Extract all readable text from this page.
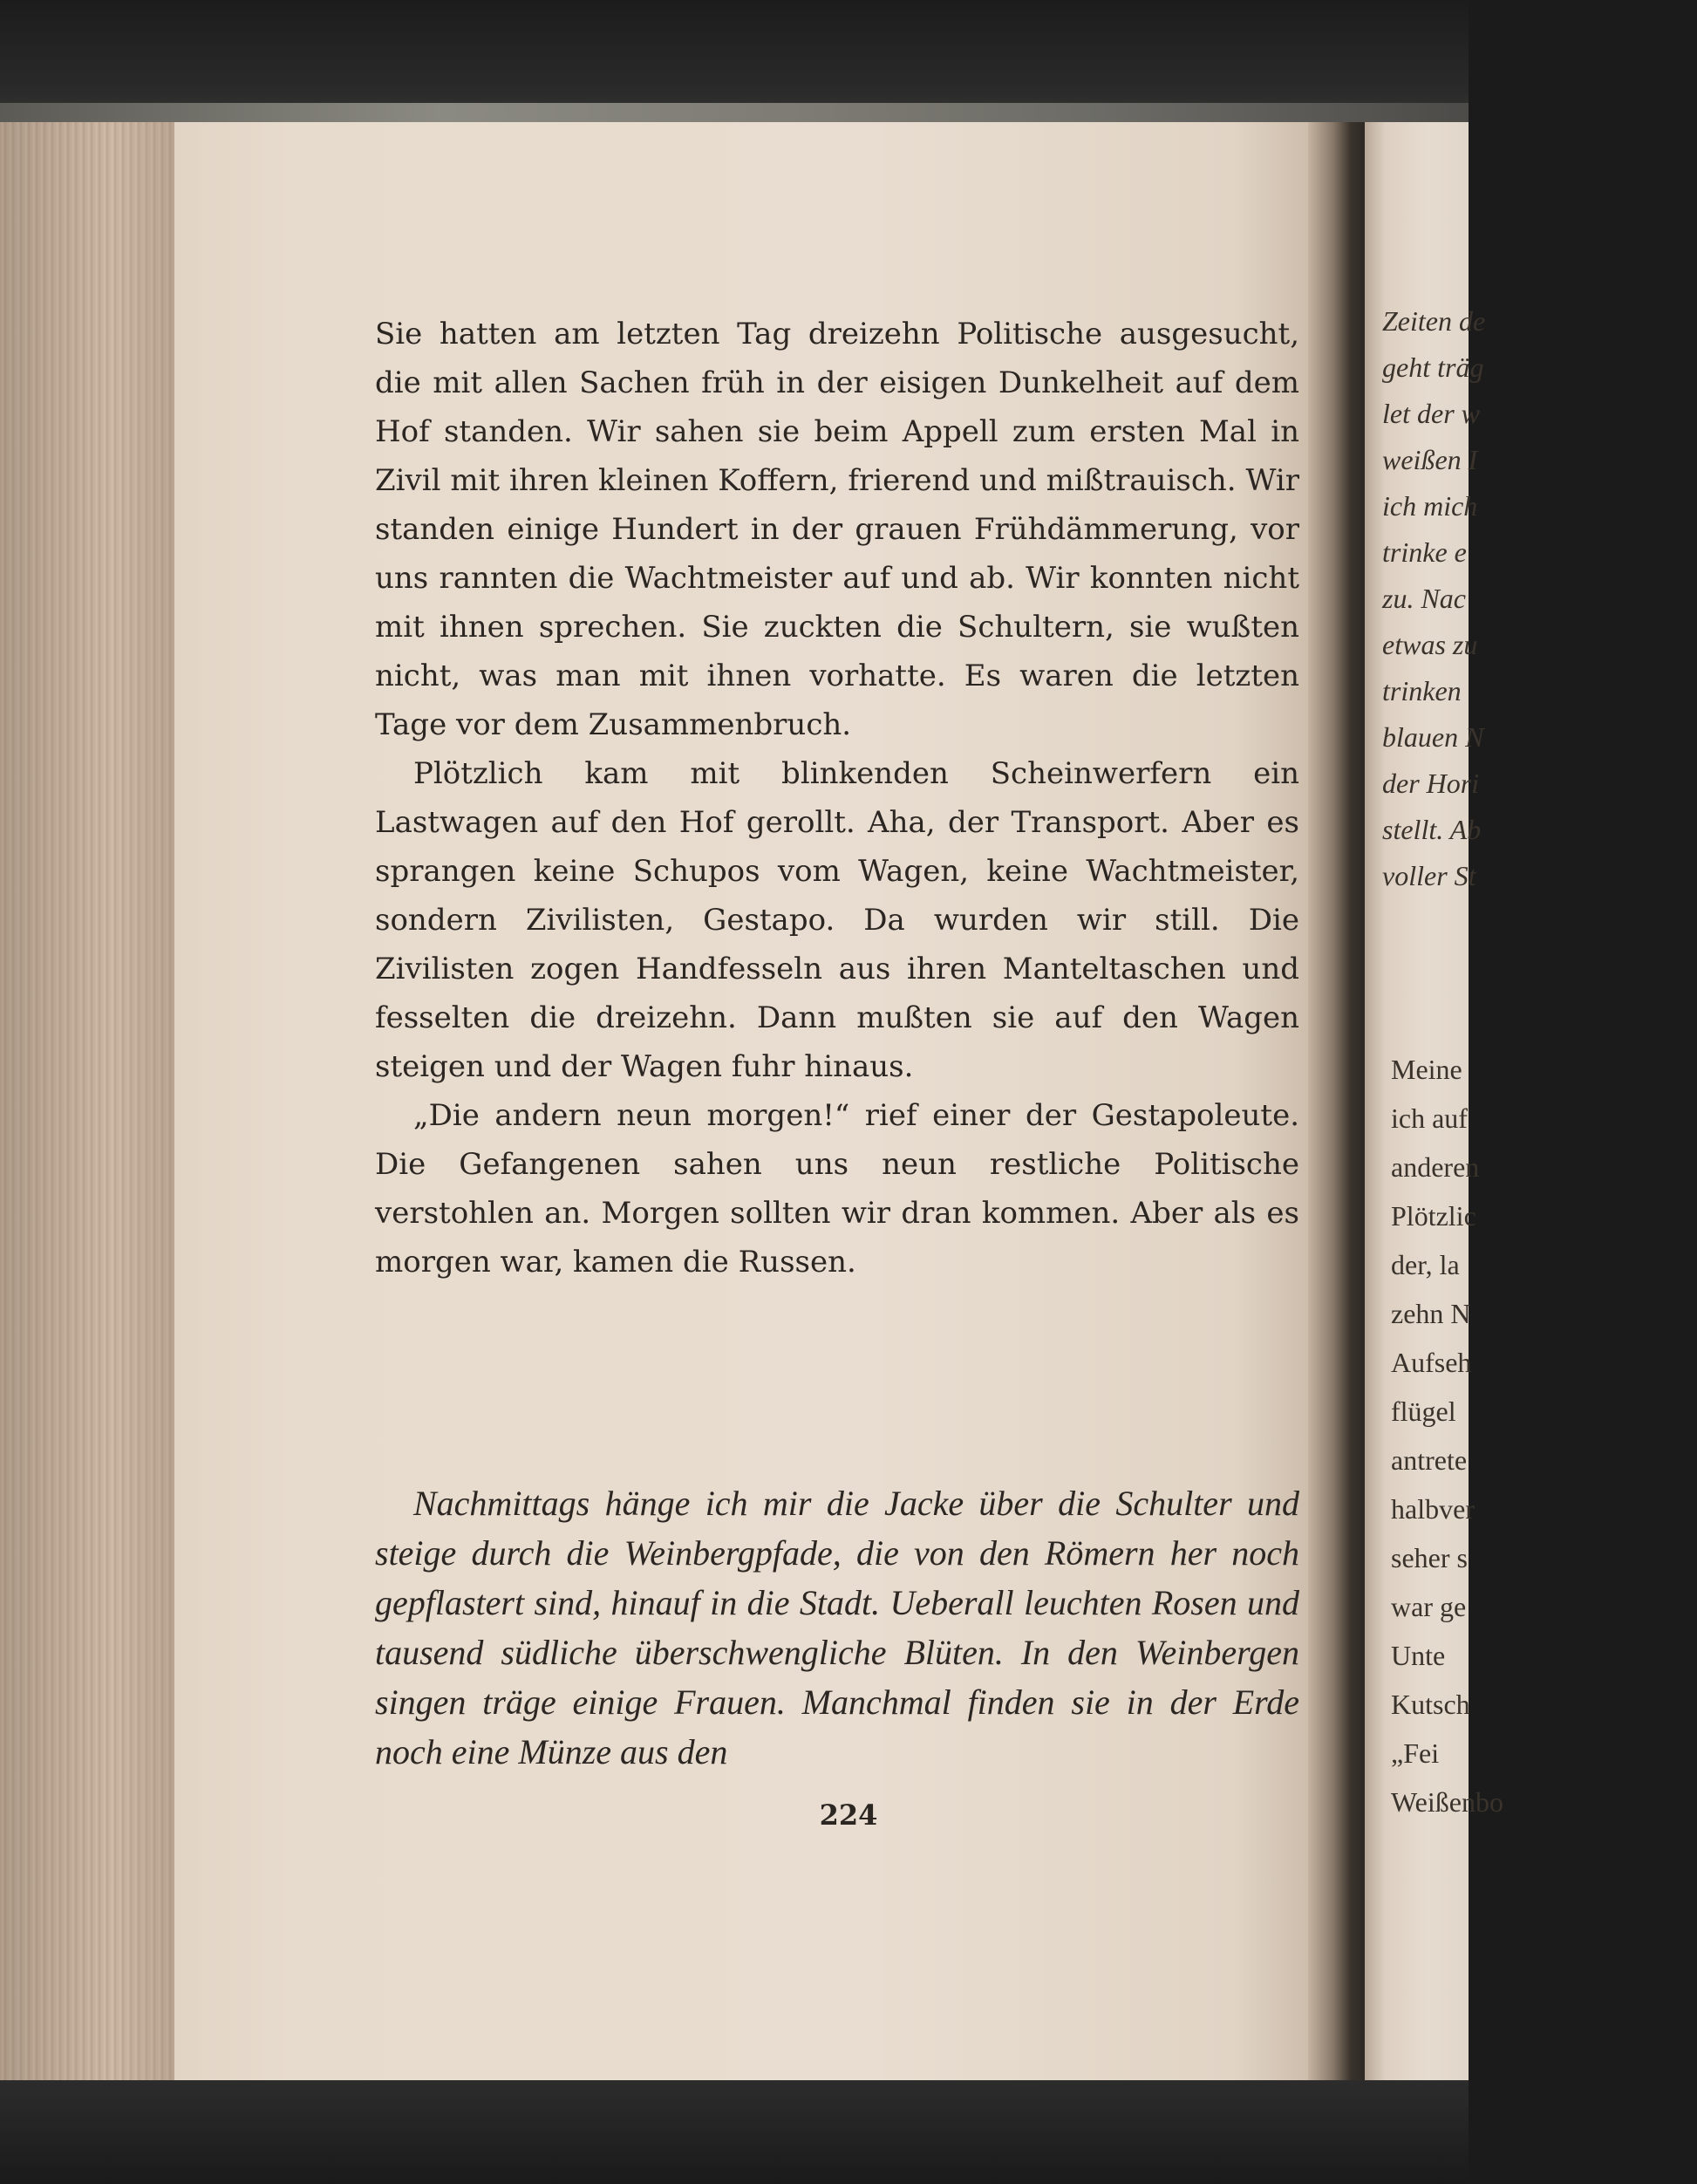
Sie hatten am letzten Tag dreizehn Politische ausgesucht, die mit allen Sachen früh in der eisigen Dunkelheit auf dem Hof standen. Wir sahen sie beim Appell zum ersten Mal in Zivil mit ihren kleinen Koffern, frierend und mißtrauisch. Wir standen einige Hundert in der grauen Frühdämmerung, vor uns rannten die Wachtmeister auf und ab. Wir konnten nicht mit ihnen sprechen. Sie zuckten die Schultern, sie wußten nicht, was man mit ihnen vorhatte. Es waren die letzten Tage vor dem Zusammenbruch.

Plötzlich kam mit blinkenden Scheinwerfern ein Lastwagen auf den Hof gerollt. Aha, der Transport. Aber es sprangen keine Schupos vom Wagen, keine Wachtmeister, sondern Zivilisten, Gestapo. Da wurden wir still. Die Zivilisten zogen Handfesseln aus ihren Manteltaschen und fesselten die dreizehn. Dann mußten sie auf den Wagen steigen und der Wagen fuhr hinaus.

„Die andern neun morgen!“ rief einer der Gestapoleute. Die Gefangenen sahen uns neun restliche Politische verstohlen an. Morgen sollten wir dran kommen. Aber als es morgen war, kamen die Russen.

Nachmittags hänge ich mir die Jacke über die Schulter und steige durch die Weinbergpfade, die von den Römern her noch gepflastert sind, hinauf in die Stadt. Ueberall leuchten Rosen und tausend südliche überschwengliche Blüten. In den Weinbergen singen träge einige Frauen. Manchmal finden sie in der Erde noch eine Münze aus den

224
Zeiten de
geht träg
let der w
weißen I
ich mich
trinke e
zu. Nac
etwas zu
trinken
blauen N
der Hori
stellt. Ab
voller St
Meine
ich auf
anderen
Plötzlic
der, la
zehn N
Aufseh
flügel
antrete
halbver
seher s
war ge
Unte
Kutsch
„Fei
Weißenbo
